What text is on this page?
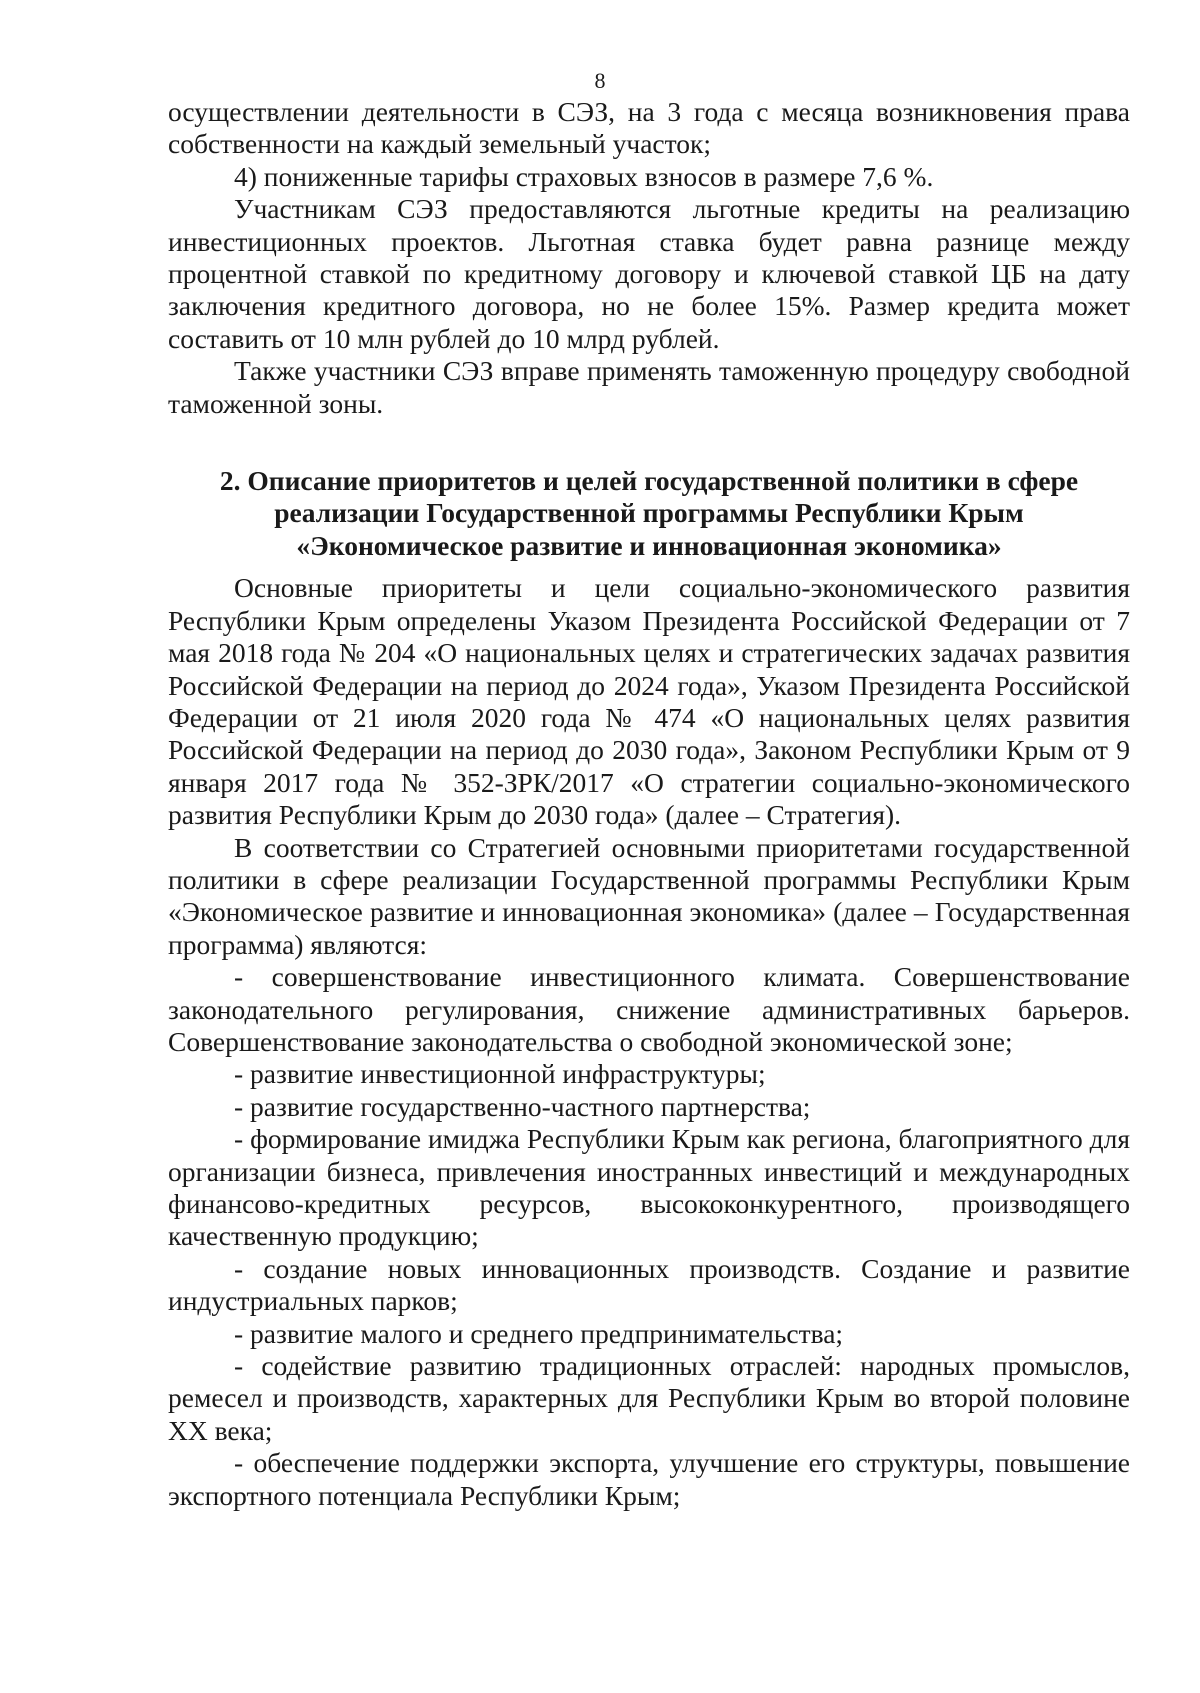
8

осуществлении деятельности в СЭЗ, на 3 года с месяца возникновения права собственности на каждый земельный участок;

4) пониженные тарифы страховых взносов в размере 7,6 %.

Участникам СЭЗ предоставляются льготные кредиты на реализацию инвестиционных проектов. Льготная ставка будет равна разнице между процентной ставкой по кредитному договору и ключевой ставкой ЦБ на дату заключения кредитного договора, но не более 15%. Размер кредита может составить от 10 млн рублей до 10 млрд рублей.

Также участники СЭЗ вправе применять таможенную процедуру свободной таможенной зоны.

2. Описание приоритетов и целей государственной политики в сфере
реализации Государственной программы Республики Крым
«Экономическое развитие и инновационная экономика»

Основные приоритеты и цели социально-экономического развития Республики Крым определены Указом Президента Российской Федерации от 7 мая 2018 года № 204 «О национальных целях и стратегических задачах развития Российской Федерации на период до 2024 года», Указом Президента Российской Федерации от 21 июля 2020 года № 474 «О национальных целях развития Российской Федерации на период до 2030 года», Законом Республики Крым от 9 января 2017 года № 352-ЗРК/2017 «О стратегии социально-экономического развития Республики Крым до 2030 года» (далее – Стратегия).

В соответствии со Стратегией основными приоритетами государственной политики в сфере реализации Государственной программы Республики Крым «Экономическое развитие и инновационная экономика» (далее – Государственная программа) являются:

- совершенствование инвестиционного климата. Совершенствование законодательного регулирования, снижение административных барьеров. Совершенствование законодательства о свободной экономической зоне;

- развитие инвестиционной инфраструктуры;

- развитие государственно-частного партнерства;

- формирование имиджа Республики Крым как региона, благоприятного для организации бизнеса, привлечения иностранных инвестиций и международных финансово-кредитных ресурсов, высококонкурентного, производящего качественную продукцию;

- создание новых инновационных производств. Создание и развитие индустриальных парков;

- развитие малого и среднего предпринимательства;

- содействие развитию традиционных отраслей: народных промыслов, ремесел и производств, характерных для Республики Крым во второй половине XX века;

- обеспечение поддержки экспорта, улучшение его структуры, повышение экспортного потенциала Республики Крым;
